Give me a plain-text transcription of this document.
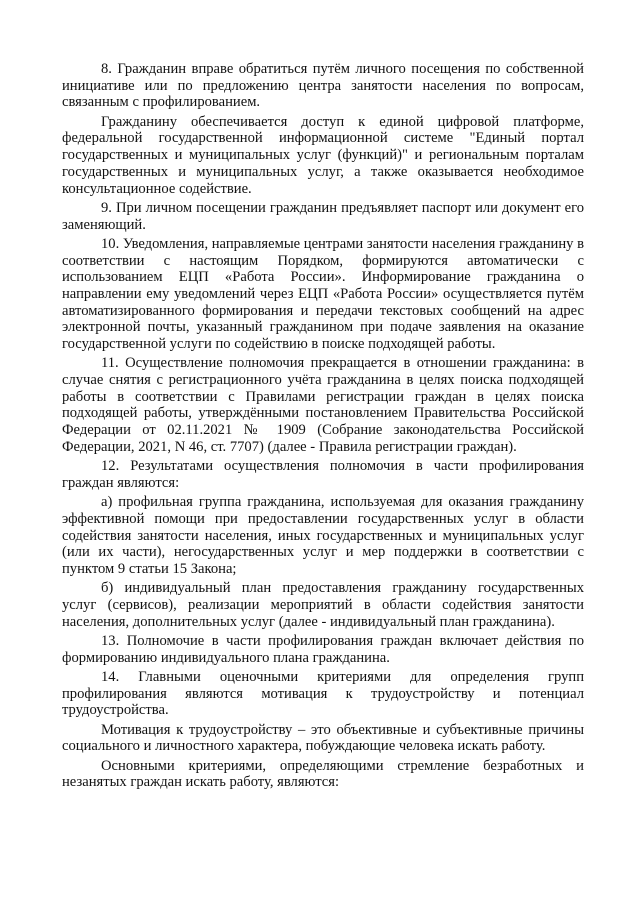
8. Гражданин вправе обратиться путём личного посещения по собственной инициативе или по предложению центра занятости населения по вопросам, связанным с профилированием.

Гражданину обеспечивается доступ к единой цифровой платформе, федеральной государственной информационной системе "Единый портал государственных и муниципальных услуг (функций)" и региональным порталам государственных и муниципальных услуг, а также оказывается необходимое консультационное содействие.

9. При личном посещении гражданин предъявляет паспорт или документ его заменяющий.

10. Уведомления, направляемые центрами занятости населения гражданину в соответствии с настоящим Порядком, формируются автоматически с использованием ЕЦП «Работа России». Информирование гражданина о направлении ему уведомлений через ЕЦП «Работа России» осуществляется путём автоматизированного формирования и передачи текстовых сообщений на адрес электронной почты, указанный гражданином при подаче заявления на оказание государственной услуги по содействию в поиске подходящей работы.

11. Осуществление полномочия прекращается в отношении гражданина: в случае снятия с регистрационного учёта гражданина в целях поиска подходящей работы в соответствии с Правилами регистрации граждан в целях поиска подходящей работы, утверждёнными постановлением Правительства Российской Федерации от 02.11.2021 № 1909 (Собрание законодательства Российской Федерации, 2021, N 46, ст. 7707) (далее - Правила регистрации граждан).

12. Результатами осуществления полномочия в части профилирования граждан являются:

а) профильная группа гражданина, используемая для оказания гражданину эффективной помощи при предоставлении государственных услуг в области содействия занятости населения, иных государственных и муниципальных услуг (или их части), негосударственных услуг и мер поддержки в соответствии с пунктом 9 статьи 15 Закона;

б) индивидуальный план предоставления гражданину государственных услуг (сервисов), реализации мероприятий в области содействия занятости населения, дополнительных услуг (далее - индивидуальный план гражданина).

13. Полномочие в части профилирования граждан включает действия по формированию индивидуального плана гражданина.

14. Главными оценочными критериями для определения групп профилирования являются мотивация к трудоустройству и потенциал трудоустройства.

Мотивация к трудоустройству – это объективные и субъективные причины социального и личностного характера, побуждающие человека искать работу.

Основными критериями, определяющими стремление безработных и незанятых граждан искать работу, являются:
